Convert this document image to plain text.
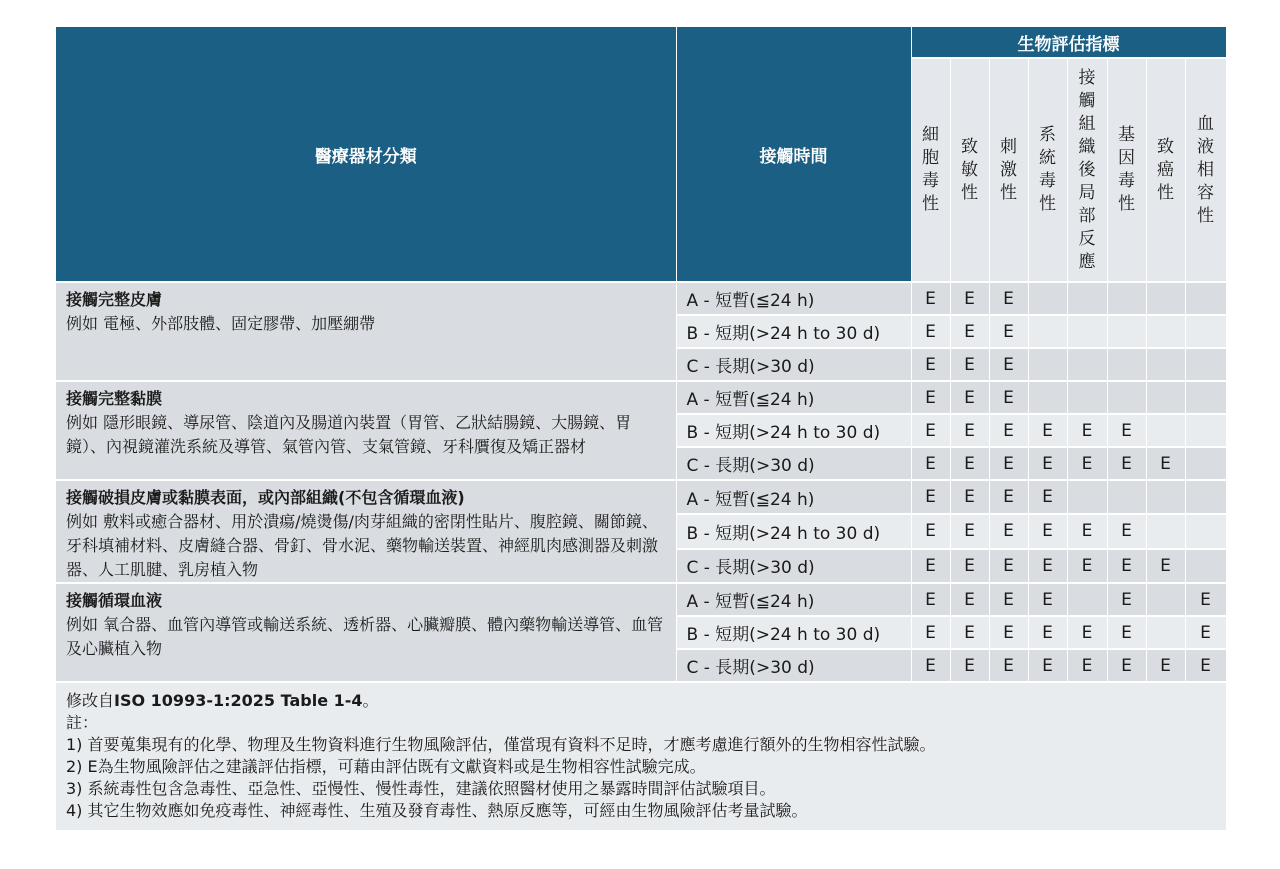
醫療器材分類	接觸時間	生物評估指標							
		細胞毒性	致敏性	刺激性	系統毒性	接觸組織後局部反應	基因毒性	致癌性	血液相容性

接觸完整皮膚
例如 電極、外部肢體、固定膠帶、加壓綳帶	A - 短暫(≦24 h)	E	E	E					
	B - 短期(>24 h to 30 d)	E	E	E					
	C - 長期(>30 d)	E	E	E					

接觸完整黏膜
例如 隱形眼鏡、導尿管、陰道內及腸道內裝置（胃管、乙狀結腸鏡、大腸鏡、胃鏡）、內視鏡灌洗系統及導管、氣管內管、支氣管鏡、牙科贋復及矯正器材	A - 短暫(≦24 h)	E	E	E					
	B - 短期(>24 h to 30 d)	E	E	E	E	E	E		
	C - 長期(>30 d)	E	E	E	E	E	E	E	

接觸破損皮膚或黏膜表面，或內部組織(不包含循環血液)
例如 敷料或癒合器材、用於潰瘍/燒燙傷/肉芽組織的密閉性貼片、腹腔鏡、關節鏡、牙科填補材料、皮膚縫合器、骨釘、骨水泥、藥物輸送裝置、神經肌肉感測器及刺激器、人工肌腱、乳房植入物	A - 短暫(≦24 h)	E	E	E	E				
	B - 短期(>24 h to 30 d)	E	E	E	E	E	E		
	C - 長期(>30 d)	E	E	E	E	E	E	E	

接觸循環血液
例如 氧合器、血管內導管或輸送系統、透析器、心臟瓣膜、體內藥物輸送導管、血管及心臟植入物	A - 短暫(≦24 h)	E	E	E	E		E		E
	B - 短期(>24 h to 30 d)	E	E	E	E	E	E		E
	C - 長期(>30 d)	E	E	E	E	E	E	E	E
修改自ISO 10993-1:2025 Table 1-4。
註：
1) 首要蒐集現有的化學、物理及生物資料進行生物風險評估，僅當現有資料不足時，才應考慮進行額外的生物相容性試驗。
2) E為生物風險評估之建議評估指標，可藉由評估既有文獻資料或是生物相容性試驗完成。
3) 系統毒性包含急毒性、亞急性、亞慢性、慢性毒性，建議依照醫材使用之暴露時間評估試驗項目。
4) 其它生物效應如免疫毒性、神經毒性、生殖及發育毒性、熱原反應等，可經由生物風險評估考量試驗。
